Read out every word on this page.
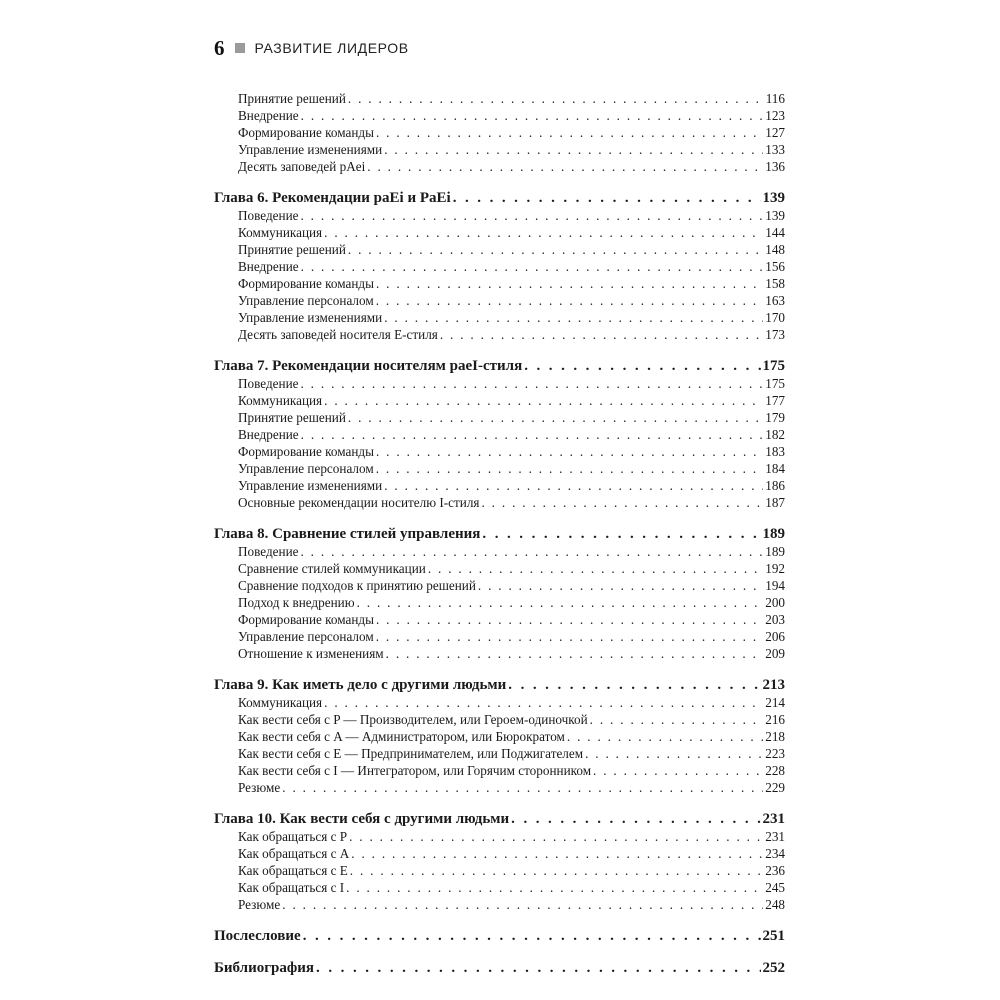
6 РАЗВИТИЕ ЛИДЕРОВ
Принятие решений . . .	116
Внедрение . . .	123
Формирование команды . . .	127
Управление изменениями . . .	133
Десять заповедей pAei . . .	136
Глава 6. Рекомендации paEi и PaEi . . .	139
Поведение . . .	139
Коммуникация . . .	144
Принятие решений . . .	148
Внедрение . . .	156
Формирование команды . . .	158
Управление персоналом . . .	163
Управление изменениями . . .	170
Десять заповедей носителя E-стиля . . .	173
Глава 7. Рекомендации носителям paeI-стиля . . .	175
Поведение . . .	175
Коммуникация . . .	177
Принятие решений . . .	179
Внедрение . . .	182
Формирование команды . . .	183
Управление персоналом . . .	184
Управление изменениями . . .	186
Основные рекомендации носителю I-стиля . . .	187
Глава 8. Сравнение стилей управления . . .	189
Поведение . . .	189
Сравнение стилей коммуникации . . .	192
Сравнение подходов к принятию решений . . .	194
Подход к внедрению . . .	200
Формирование команды . . .	203
Управление персоналом . . .	206
Отношение к изменениям . . .	209
Глава 9. Как иметь дело с другими людьми . . .	213
Коммуникация . . .	214
Как вести себя с P — Производителем, или Героем-одиночкой . . .	216
Как вести себя с A — Администратором, или Бюрократом . . .	218
Как вести себя с E — Предпринимателем, или Поджигателем . . .	223
Как вести себя с I — Интегратором, или Горячим сторонником . . .	228
Резюме . . .	229
Глава 10. Как вести себя с другими людьми . . .	231
Как обращаться с P . . .	231
Как обращаться с A . . .	234
Как обращаться с E . . .	236
Как обращаться с I . . .	245
Резюме . . .	248
Послесловие . . .	251
Библиография . . .	252
